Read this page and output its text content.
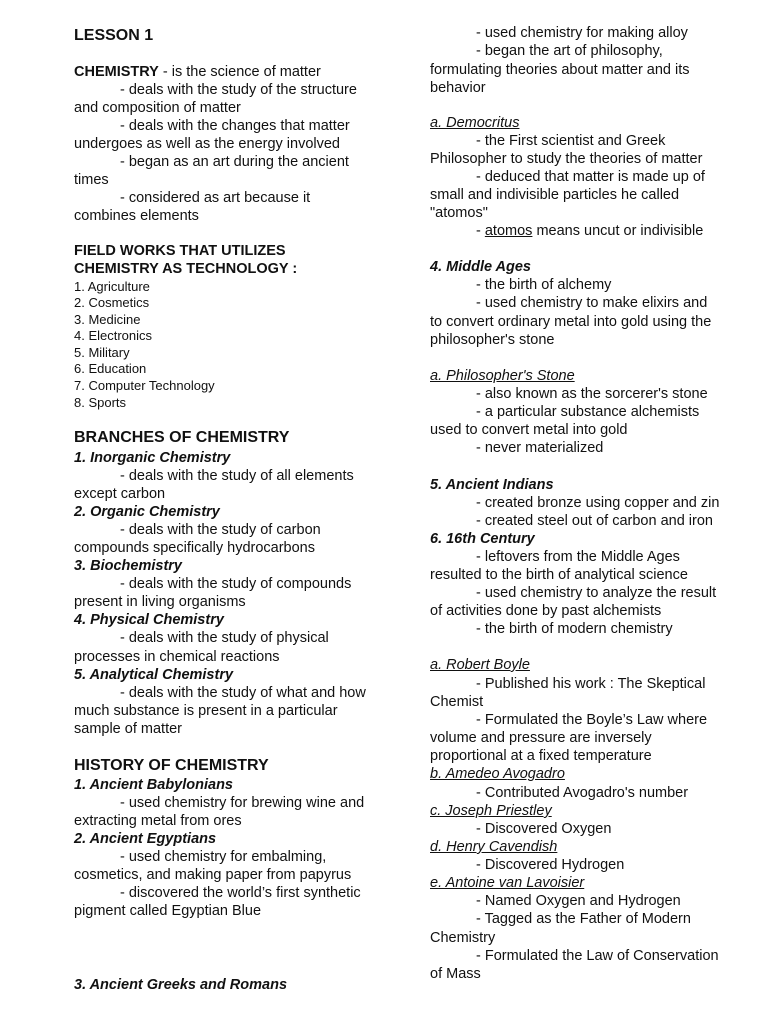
LESSON 1
CHEMISTRY - is the science of matter
- deals with the study of the structure
and composition of matter
- deals with the changes that matter
undergoes as well as the energy involved
- began as an art during the ancient
times
- considered as art because it
combines elements
FIELD WORKS THAT UTILIZES
CHEMISTRY AS TECHNOLOGY :
1. Agriculture
2. Cosmetics
3. Medicine
4. Electronics
5. Military
6. Education
7. Computer Technology
8. Sports
BRANCHES OF CHEMISTRY
1. Inorganic Chemistry
- deals with the study of all elements
except carbon
2. Organic Chemistry
- deals with the study of carbon
compounds specifically hydrocarbons
3. Biochemistry
- deals with the study of compounds
present in living organisms
4. Physical Chemistry
- deals with the study of physical
processes in chemical reactions
5. Analytical Chemistry
- deals with the study of what and how
much substance is present in a particular
sample of matter
HISTORY OF CHEMISTRY
1. Ancient Babylonians
- used chemistry for brewing wine and
extracting metal from ores
2. Ancient Egyptians
- used chemistry for embalming,
cosmetics, and making paper from papyrus
- discovered the world’s first synthetic
pigment called Egyptian Blue
3. Ancient Greeks and Romans
- used chemistry for making alloy
- began the art of philosophy,
formulating theories about matter and its
behavior
a. Democritus
- the First scientist and Greek
Philosopher to study the theories of matter
- deduced that matter is made up of
small and indivisible particles he called
"atomos"
- atomos means uncut or indivisible
4. Middle Ages
- the birth of alchemy
- used chemistry to make elixirs and
to convert ordinary metal into gold using the
philosopher's stone
a. Philosopher's Stone
- also known as the sorcerer's stone
- a particular substance alchemists
used to convert metal into gold
- never materialized
5. Ancient Indians
- created bronze using copper and zin
- created steel out of carbon and iron
6. 16th Century
- leftovers from the Middle Ages
resulted to the birth of analytical science
- used chemistry to analyze the result
of activities done by past alchemists
- the birth of modern chemistry
a. Robert Boyle
- Published his work : The Skeptical
Chemist
- Formulated the Boyle’s Law where
volume and pressure are inversely
proportional at a fixed temperature
b. Amedeo Avogadro
- Contributed Avogadro's number
c. Joseph Priestley
- Discovered Oxygen
d. Henry Cavendish
- Discovered Hydrogen
e. Antoine van Lavoisier
- Named Oxygen and Hydrogen
- Tagged as the Father of Modern
Chemistry
- Formulated the Law of Conservation
of Mass
